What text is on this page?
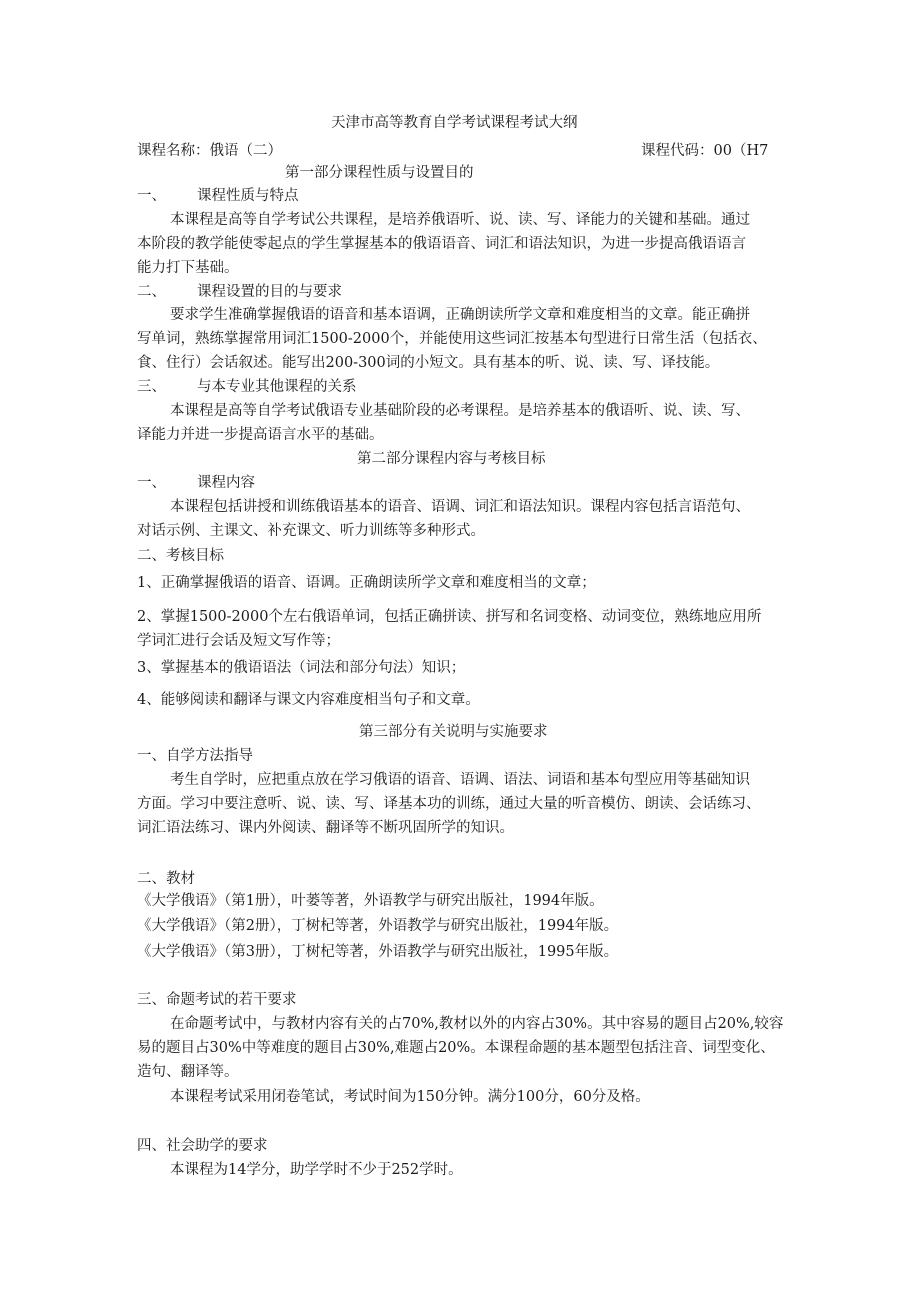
天津市高等教育自学考试课程考试大纲
课程名称：俄语（二）	课程代码：00（H7
第一部分课程性质与设置目的
一、 课程性质与特点
本课程是高等自学考试公共课程，是培养俄语听、说、读、写、译能力的关键和基础。通过
本阶段的教学能使零起点的学生掌握基本的俄语语音、词汇和语法知识，为进一步提高俄语语言
能力打下基础。
二、 课程设置的目的与要求
要求学生准确掌握俄语的语音和基本语调，正确朗读所学文章和难度相当的文章。能正确拼
写单词，熟练掌握常用词汇1500-2000个，并能使用这些词汇按基本句型进行日常生活（包括衣、
食、住行）会话叙述。能写出200-300词的小短文。具有基本的听、说、读、写、译技能。
三、 与本专业其他课程的关系
本课程是高等自学考试俄语专业基础阶段的必考课程。是培养基本的俄语听、说、读、写、
译能力并进一步提高语言水平的基础。
第二部分课程内容与考核目标
一、 课程内容
本课程包括讲授和训练俄语基本的语音、语调、词汇和语法知识。课程内容包括言语范句、
对话示例、主课文、补充课文、听力训练等多种形式。
二、考核目标
1、正确掌握俄语的语音、语调。正确朗读所学文章和难度相当的文章；
2、掌握1500-2000个左右俄语单词，包括正确拼读、拼写和名词变格、动词变位，熟练地应用所
学词汇进行会话及短文写作等；
3、掌握基本的俄语语法（词法和部分句法）知识；
4、能够阅读和翻译与课文内容难度相当句子和文章。
第三部分有关说明与实施要求
一、自学方法指导
考生自学时，应把重点放在学习俄语的语音、语调、语法、词语和基本句型应用等基础知识
方面。学习中要注意听、说、读、写、译基本功的训练，通过大量的听音模仿、朗读、会话练习、
词汇语法练习、课内外阅读、翻译等不断巩固所学的知识。
二、教材
《大学俄语》（第1册），叶蒌等著，外语教学与研究出版社，1994年版。
《大学俄语》（第2册），丁树杞等著，外语教学与研究出版社，1994年版。
《大学俄语》（第3册），丁树杞等著，外语教学与研究出版社，1995年版。
三、命题考试的若干要求
在命题考试中，与教材内容有关的占70%,教材以外的内容占30%。其中容易的题目占20%,较容
易的题目占30%中等难度的题目占30%,难题占20%。本课程命题的基本题型包括注音、词型变化、
造句、翻译等。
本课程考试采用闭卷笔试，考试时间为150分钟。满分100分，60分及格。
四、社会助学的要求
本课程为14学分，助学学时不少于252学时。
